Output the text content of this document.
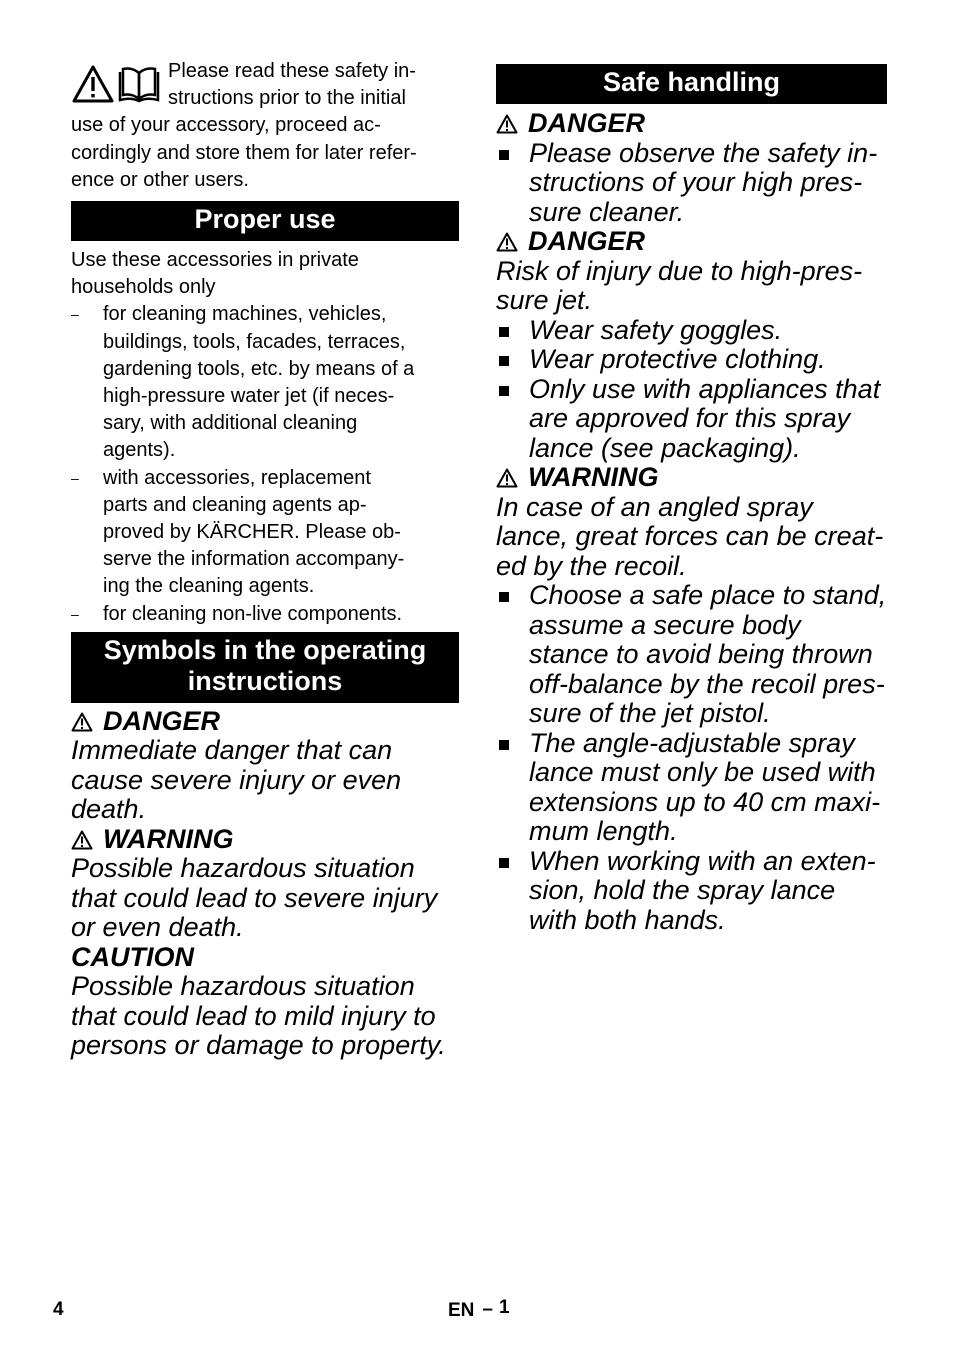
Please read these safety in-
structions prior to the initial
use of your accessory, proceed ac-
cordingly and store them for later refer-
ence or other users.
Proper use
Use these accessories in private
households only
– for cleaning machines, vehicles,
buildings, tools, facades, terraces,
gardening tools, etc. by means of a
high-pressure water jet (if neces-
sary, with additional cleaning
agents).
– with accessories, replacement
parts and cleaning agents ap-
proved by KÄRCHER. Please ob-
serve the information accompany-
ing the cleaning agents.
– for cleaning non-live components.
Symbols in the operating
instructions
DANGER
Immediate danger that can
cause severe injury or even
death.
WARNING
Possible hazardous situation
that could lead to severe injury
or even death.
CAUTION
Possible hazardous situation
that could lead to mild injury to
persons or damage to property.
Safe handling
DANGER
Please observe the safety in-
structions of your high pres-
sure cleaner.
DANGER
Risk of injury due to high-pres-
sure jet.
Wear safety goggles.
Wear protective clothing.
Only use with appliances that
are approved for this spray
lance (see packaging).
WARNING
In case of an angled spray
lance, great forces can be creat-
ed by the recoil.
Choose a safe place to stand,
assume a secure body
stance to avoid being thrown
off-balance by the recoil pres-
sure of the jet pistol.
The angle-adjustable spray
lance must only be used with
extensions up to 40 cm maxi-
mum length.
When working with an exten-
sion, hold the spray lance
with both hands.
4	EN – 1
